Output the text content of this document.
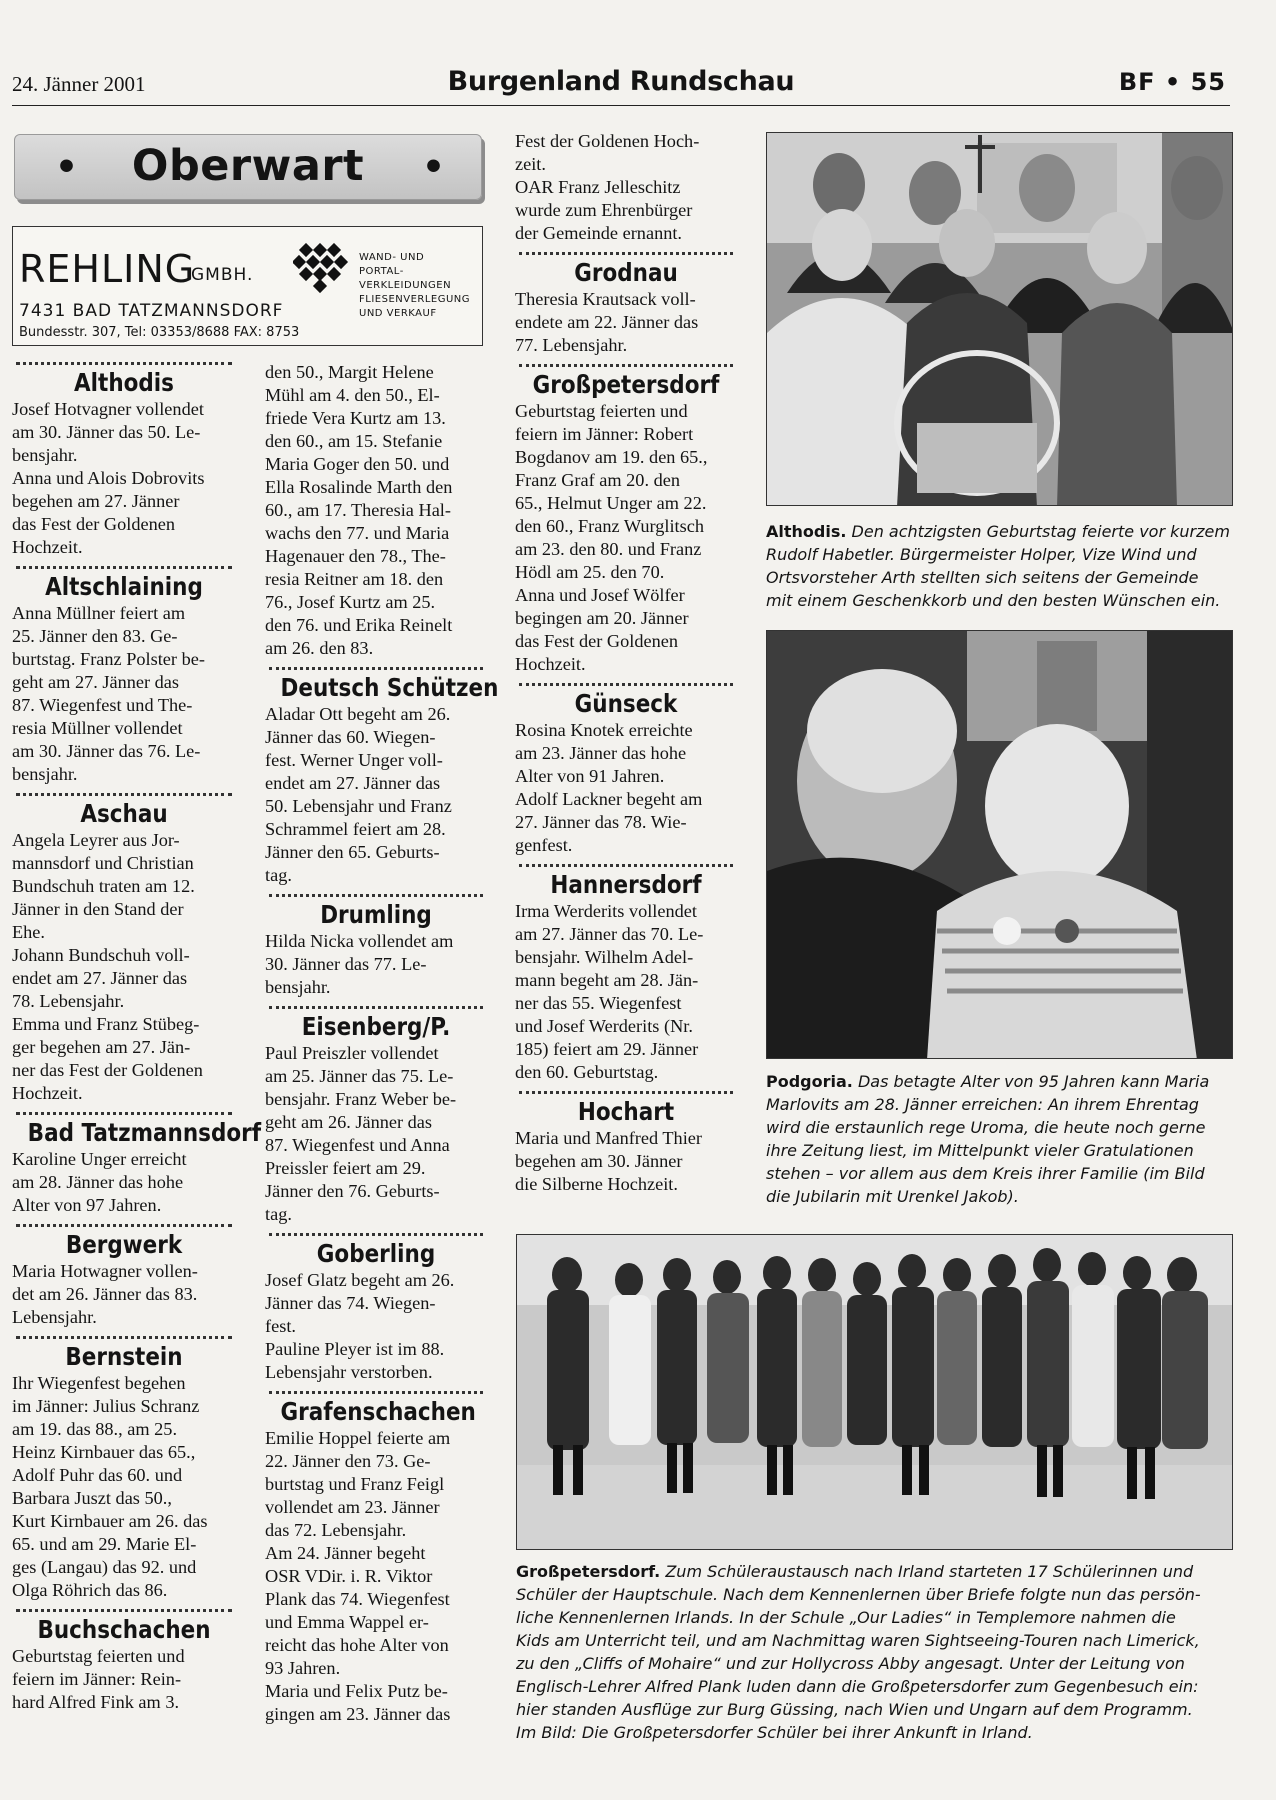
24. Jänner 2001	Burgenland Rundschau	BF • 55
•	Oberwart	•
REHLING
GMBH.
WAND- UND
PORTAL-
VERKLEIDUNGEN
FLIESENVERLEGUNG
UND VERKAUF
7431 BAD TATZMANNSDORF
Bundesstr. 307, Tel: 03353/8688 FAX: 8753
Althodis
Josef Hotvagner vollendet
am 30. Jänner das 50. Le-
bensjahr.
Anna und Alois Dobrovits
begehen am 27. Jänner
das Fest der Goldenen
Hochzeit.
Altschlaining
Anna Müllner feiert am
25. Jänner den 83. Ge-
burtstag. Franz Polster be-
geht am 27. Jänner das
87. Wiegenfest und The-
resia Müllner vollendet
am 30. Jänner das 76. Le-
bensjahr.
Aschau
Angela Leyrer aus Jor-
mannsdorf und Christian
Bundschuh traten am 12.
Jänner in den Stand der
Ehe.
Johann Bundschuh voll-
endet am 27. Jänner das
78. Lebensjahr.
Emma und Franz Stübeg-
ger begehen am 27. Jän-
ner das Fest der Goldenen
Hochzeit.
Bad Tatzmannsdorf
Karoline Unger erreicht
am 28. Jänner das hohe
Alter von 97 Jahren.
Bergwerk
Maria Hotwagner vollen-
det am 26. Jänner das 83.
Lebensjahr.
Bernstein
Ihr Wiegenfest begehen
im Jänner: Julius Schranz
am 19. das 88., am 25.
Heinz Kirnbauer das 65.,
Adolf Puhr das 60. und
Barbara Juszt das 50.,
Kurt Kirnbauer am 26. das
65. und am 29. Marie El-
ges (Langau) das 92. und
Olga Röhrich das 86.
Buchschachen
Geburtstag feierten und
feiern im Jänner: Rein-
hard Alfred Fink am 3.
den 50., Margit Helene
Mühl am 4. den 50., El-
friede Vera Kurtz am 13.
den 60., am 15. Stefanie
Maria Goger den 50. und
Ella Rosalinde Marth den
60., am 17. Theresia Hal-
wachs den 77. und Maria
Hagenauer den 78., The-
resia Reitner am 18. den
76., Josef Kurtz am 25.
den 76. und Erika Reinelt
am 26. den 83.
Deutsch Schützen
Aladar Ott begeht am 26.
Jänner das 60. Wiegen-
fest. Werner Unger voll-
endet am 27. Jänner das
50. Lebensjahr und Franz
Schrammel feiert am 28.
Jänner den 65. Geburts-
tag.
Drumling
Hilda Nicka vollendet am
30. Jänner das 77. Le-
bensjahr.
Eisenberg/P.
Paul Preiszler vollendet
am 25. Jänner das 75. Le-
bensjahr. Franz Weber be-
geht am 26. Jänner das
87. Wiegenfest und Anna
Preissler feiert am 29.
Jänner den 76. Geburts-
tag.
Goberling
Josef Glatz begeht am 26.
Jänner das 74. Wiegen-
fest.
Pauline Pleyer ist im 88.
Lebensjahr verstorben.
Grafenschachen
Emilie Hoppel feierte am
22. Jänner den 73. Ge-
burtstag und Franz Feigl
vollendet am 23. Jänner
das 72. Lebensjahr.
Am 24. Jänner begeht
OSR VDir. i. R. Viktor
Plank das 74. Wiegenfest
und Emma Wappel er-
reicht das hohe Alter von
93 Jahren.
Maria und Felix Putz be-
gingen am 23. Jänner das
Fest der Goldenen Hoch-
zeit.
OAR Franz Jelleschitz
wurde zum Ehrenbürger
der Gemeinde ernannt.
Grodnau
Theresia Krautsack voll-
endete am 22. Jänner das
77. Lebensjahr.
Großpetersdorf
Geburtstag feierten und
feiern im Jänner: Robert
Bogdanov am 19. den 65.,
Franz Graf am 20. den
65., Helmut Unger am 22.
den 60., Franz Wurglitsch
am 23. den 80. und Franz
Hödl am 25. den 70.
Anna und Josef Wölfer
begingen am 20. Jänner
das Fest der Goldenen
Hochzeit.
Günseck
Rosina Knotek erreichte
am 23. Jänner das hohe
Alter von 91 Jahren.
Adolf Lackner begeht am
27. Jänner das 78. Wie-
genfest.
Hannersdorf
Irma Werderits vollendet
am 27. Jänner das 70. Le-
bensjahr. Wilhelm Adel-
mann begeht am 28. Jän-
ner das 55. Wiegenfest
und Josef Werderits (Nr.
185) feiert am 29. Jänner
den 60. Geburtstag.
Hochart
Maria und Manfred Thier
begehen am 30. Jänner
die Silberne Hochzeit.
Althodis. Den achtzigsten Geburtstag feierte vor kurzem
Rudolf Habetler. Bürgermeister Holper, Vize Wind und
Ortsvorsteher Arth stellten sich seitens der Gemeinde
mit einem Geschenkkorb und den besten Wünschen ein.
Podgoria. Das betagte Alter von 95 Jahren kann Maria
Marlovits am 28. Jänner erreichen: An ihrem Ehrentag
wird die erstaunlich rege Uroma, die heute noch gerne
ihre Zeitung liest, im Mittelpunkt vieler Gratulationen
stehen – vor allem aus dem Kreis ihrer Familie (im Bild
die Jubilarin mit Urenkel Jakob).
Großpetersdorf. Zum Schüleraustausch nach Irland starteten 17 Schülerinnen und
Schüler der Hauptschule. Nach dem Kennenlernen über Briefe folgte nun das persön-
liche Kennenlernen Irlands. In der Schule „Our Ladies“ in Templemore nahmen die
Kids am Unterricht teil, und am Nachmittag waren Sightseeing-Touren nach Limerick,
zu den „Cliffs of Mohaire“ und zur Hollycross Abby angesagt. Unter der Leitung von
Englisch-Lehrer Alfred Plank luden dann die Großpetersdorfer zum Gegenbesuch ein:
hier standen Ausflüge zur Burg Güssing, nach Wien und Ungarn auf dem Programm.
Im Bild: Die Großpetersdorfer Schüler bei ihrer Ankunft in Irland.
